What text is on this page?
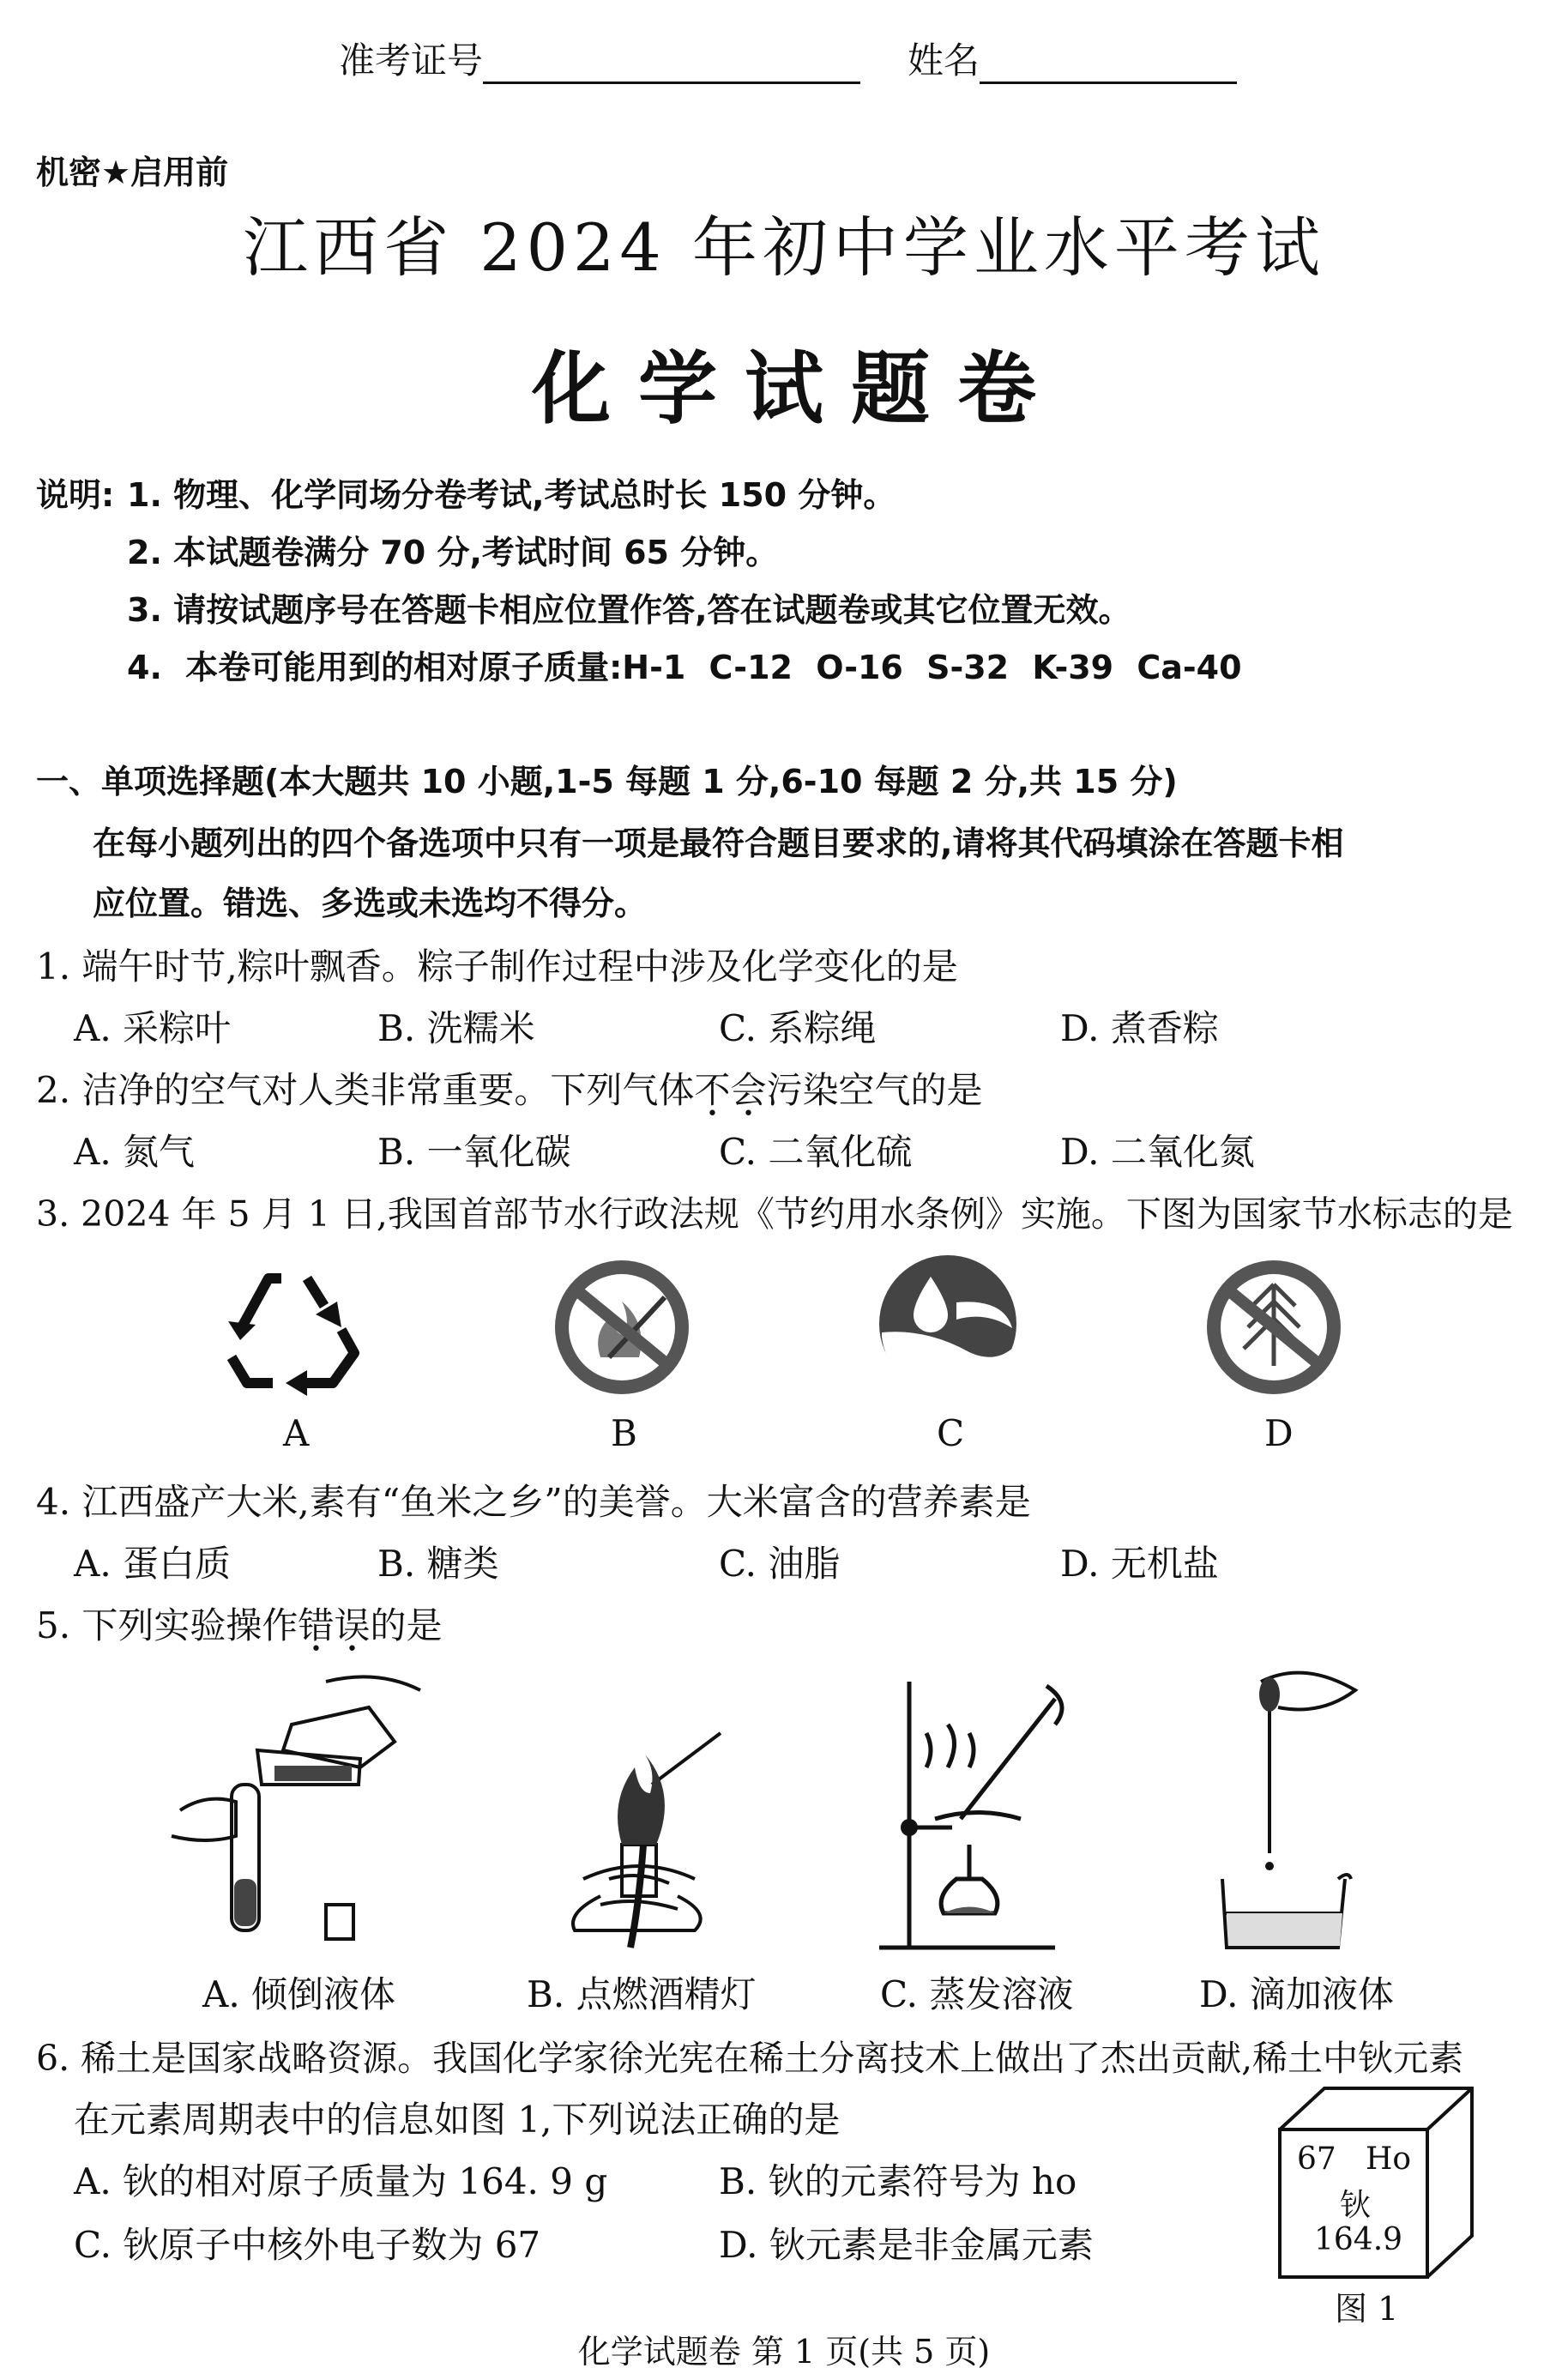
准考证号	姓名
机密★启用前
江西省 2024 年初中学业水平考试
化 学 试 题 卷
说明: 1. 物理、化学同场分卷考试,考试总时长 150 分钟。
2. 本试题卷满分 70 分,考试时间 65 分钟。
3. 请按试题序号在答题卡相应位置作答,答在试题卷或其它位置无效。
4. 本卷可能用到的相对原子质量:H-1 C-12 O-16 S-32 K-39 Ca-40
一、单项选择题(本大题共 10 小题,1-5 每题 1 分,6-10 每题 2 分,共 15 分)
在每小题列出的四个备选项中只有一项是最符合题目要求的,请将其代码填涂在答题卡相
应位置。错选、多选或未选均不得分。
1. 端午时节,粽叶飘香。粽子制作过程中涉及化学变化的是
A. 采粽叶	B. 洗糯米	C. 系粽绳	D. 煮香粽
2. 洁净的空气对人类非常重要。下列气体不会污染空气的是
A. 氮气	B. 一氧化碳	C. 二氧化硫	D. 二氧化氮
3. 2024 年 5 月 1 日,我国首部节水行政法规《节约用水条例》实施。下图为国家节水标志的是
A	B	C	D
4. 江西盛产大米,素有“鱼米之乡”的美誉。大米富含的营养素是
A. 蛋白质	B. 糖类	C. 油脂	D. 无机盐
5. 下列实验操作错误的是
A. 倾倒液体	B. 点燃酒精灯	C. 蒸发溶液	D. 滴加液体
6. 稀土是国家战略资源。我国化学家徐光宪在稀土分离技术上做出了杰出贡献,稀土中钬元素
在元素周期表中的信息如图 1,下列说法正确的是
A. 钬的相对原子质量为 164. 9 g	B. 钬的元素符号为 ho
C. 钬原子中核外电子数为 67	D. 钬元素是非金属元素
67 Ho
钬
164.9
图 1
化学试题卷 第 1 页(共 5 页)
